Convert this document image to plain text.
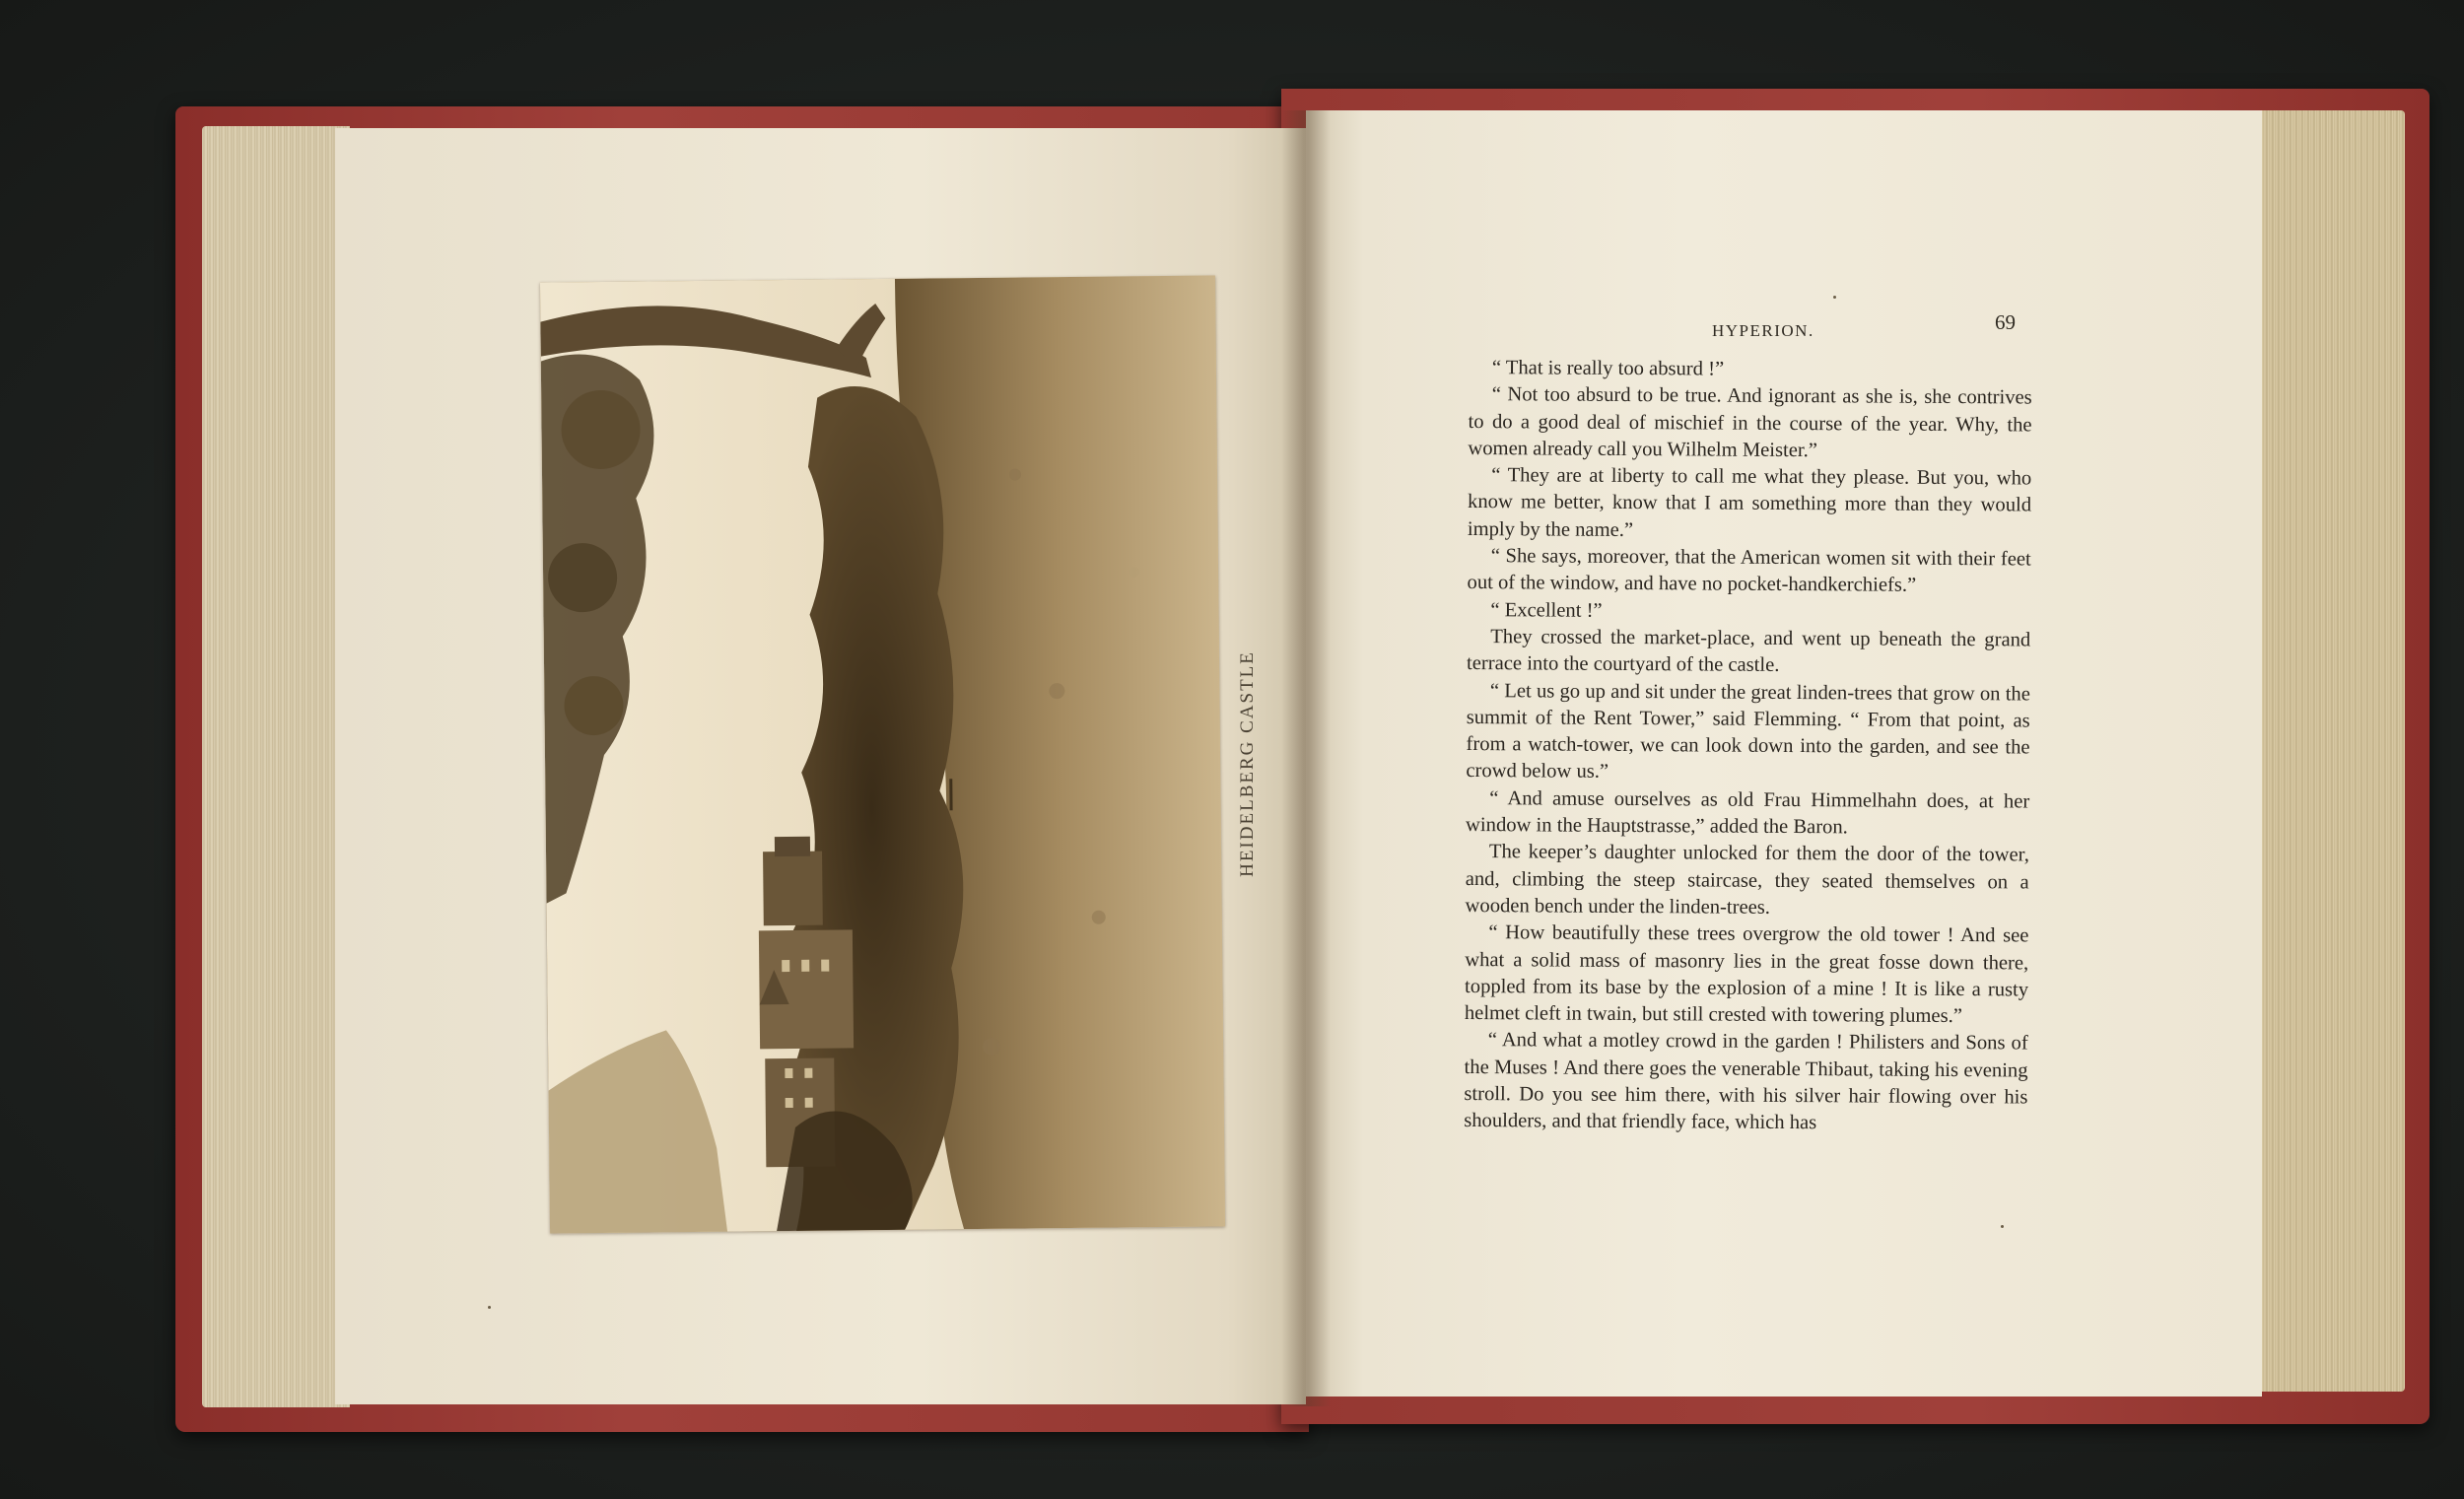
HEIDELBERG CASTLE
HYPERION.	69

“ That is really too absurd !”

“ Not too absurd to be true. And ignorant as she is, she contrives to do a good deal of mischief in the course of the year. Why, the women already call you Wilhelm Meister.”

“ They are at liberty to call me what they please. But you, who know me better, know that I am something more than they would imply by the name.”

“ She says, moreover, that the American women sit with their feet out of the window, and have no pocket-handkerchiefs.”

“ Excellent !”

They crossed the market-place, and went up beneath the grand terrace into the courtyard of the castle.

“ Let us go up and sit under the great linden-trees that grow on the summit of the Rent Tower,” said Flemming. “ From that point, as from a watch-tower, we can look down into the garden, and see the crowd below us.”

“ And amuse ourselves as old Frau Himmelhahn does, at her window in the Hauptstrasse,” added the Baron.

The keeper’s daughter unlocked for them the door of the tower, and, climbing the steep staircase, they seated themselves on a wooden bench under the linden-trees.

“ How beautifully these trees overgrow the old tower ! And see what a solid mass of masonry lies in the great fosse down there, toppled from its base by the explosion of a mine ! It is like a rusty helmet cleft in twain, but still crested with towering plumes.”

“ And what a motley crowd in the garden ! Philisters and Sons of the Muses ! And there goes the venerable Thibaut, taking his evening stroll. Do you see him there, with his silver hair flowing over his shoulders, and that friendly face, which has
